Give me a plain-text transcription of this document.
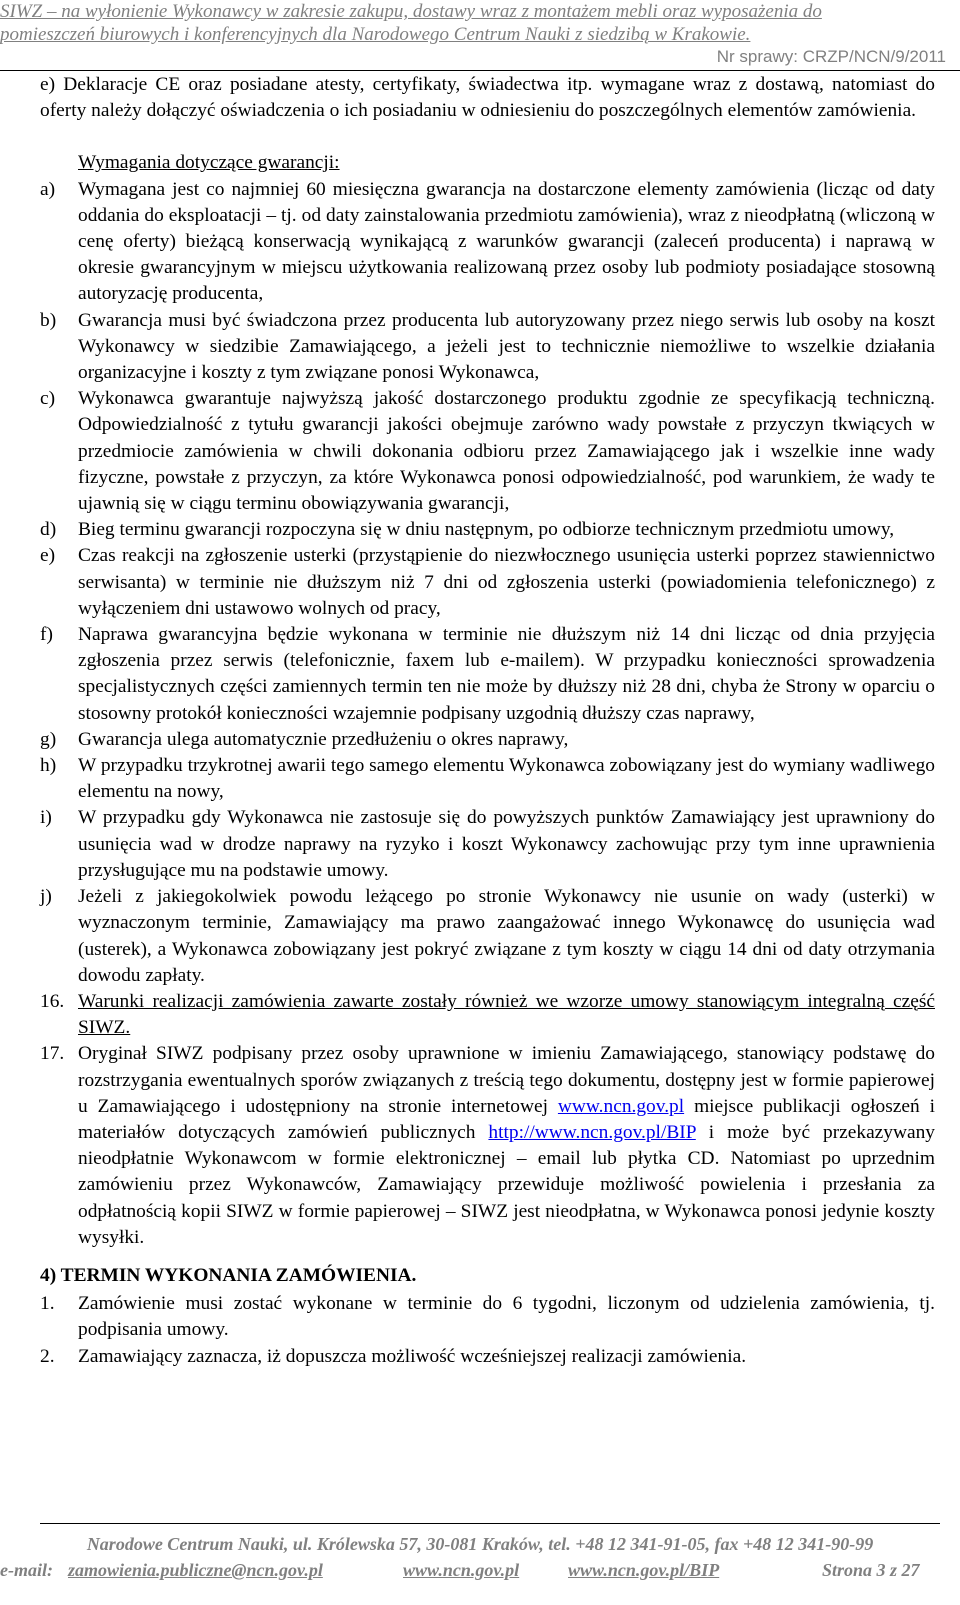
SIWZ – na wyłonienie Wykonawcy w zakresie zakupu, dostawy wraz z montażem mebli oraz wyposażenia do
pomieszczeń biurowych i konferencyjnych dla Narodowego Centrum Nauki z siedzibą w Krakowie.
Nr sprawy: CRZP/NCN/9/2011

e) Deklaracje CE oraz posiadane atesty, certyfikaty, świadectwa itp. wymagane wraz z dostawą, natomiast do oferty należy dołączyć oświadczenia o ich posiadaniu w odniesieniu do poszczególnych elementów zamówienia.

Wymagania dotyczące gwarancji:

a) Wymagana jest co najmniej 60 miesięczna gwarancja na dostarczone elementy zamówienia (licząc od daty oddania do eksploatacji – tj. od daty zainstalowania przedmiotu zamówienia), wraz z nieodpłatną (wliczoną w cenę oferty) bieżącą konserwacją wynikającą z warunków gwarancji (zaleceń producenta) i naprawą w okresie gwarancyjnym w miejscu użytkowania realizowaną przez osoby lub podmioty posiadające stosowną autoryzację producenta,
b) Gwarancja musi być świadczona przez producenta lub autoryzowany przez niego serwis lub osoby na koszt Wykonawcy w siedzibie Zamawiającego, a jeżeli jest to technicznie niemożliwe to wszelkie działania organizacyjne i koszty z tym związane ponosi Wykonawca,
c) Wykonawca gwarantuje najwyższą jakość dostarczonego produktu zgodnie ze specyfikacją techniczną. Odpowiedzialność z tytułu gwarancji jakości obejmuje zarówno wady powstałe z przyczyn tkwiących w przedmiocie zamówienia w chwili dokonania odbioru przez Zamawiającego jak i wszelkie inne wady fizyczne, powstałe z przyczyn, za które Wykonawca ponosi odpowiedzialność, pod warunkiem, że wady te ujawnią się w ciągu terminu obowiązywania gwarancji,
d) Bieg terminu gwarancji rozpoczyna się w dniu następnym, po odbiorze technicznym przedmiotu umowy,
e) Czas reakcji na zgłoszenie usterki (przystąpienie do niezwłocznego usunięcia usterki poprzez stawiennictwo serwisanta) w terminie nie dłuższym niż 7 dni od zgłoszenia usterki (powiadomienia telefonicznego) z wyłączeniem dni ustawowo wolnych od pracy,
f) Naprawa gwarancyjna będzie wykonana w terminie nie dłuższym niż 14 dni licząc od dnia przyjęcia zgłoszenia przez serwis (telefonicznie, faxem lub e-mailem). W przypadku konieczności sprowadzenia specjalistycznych części zamiennych termin ten nie może by dłuższy niż 28 dni, chyba że Strony w oparciu o stosowny protokół konieczności wzajemnie podpisany uzgodnią dłuższy czas naprawy,
g) Gwarancja ulega automatycznie przedłużeniu o okres naprawy,
h) W przypadku trzykrotnej awarii tego samego elementu Wykonawca zobowiązany jest do wymiany wadliwego elementu na nowy,
i) W przypadku gdy Wykonawca nie zastosuje się do powyższych punktów Zamawiający jest uprawniony do usunięcia wad w drodze naprawy na ryzyko i koszt Wykonawcy zachowując przy tym inne uprawnienia przysługujące mu na podstawie umowy.
j) Jeżeli z jakiegokolwiek powodu leżącego po stronie Wykonawcy nie usunie on wady (usterki) w wyznaczonym terminie, Zamawiający ma prawo zaangażować innego Wykonawcę do usunięcia wad (usterek), a Wykonawca zobowiązany jest pokryć związane z tym koszty w ciągu 14 dni od daty otrzymania dowodu zapłaty.
16. Warunki realizacji zamówienia zawarte zostały również we wzorze umowy stanowiącym integralną część SIWZ.
17. Oryginał SIWZ podpisany przez osoby uprawnione w imieniu Zamawiającego, stanowiący podstawę do rozstrzygania ewentualnych sporów związanych z treścią tego dokumentu, dostępny jest w formie papierowej u Zamawiającego i udostępniony na stronie internetowej www.ncn.gov.pl miejsce publikacji ogłoszeń i materiałów dotyczących zamówień publicznych http://www.ncn.gov.pl/BIP i może być przekazywany nieodpłatnie Wykonawcom w formie elektronicznej – email lub płytka CD. Natomiast po uprzednim zamówieniu przez Wykonawców, Zamawiający przewiduje możliwość powielenia i przesłania za odpłatnością kopii SIWZ w formie papierowej – SIWZ jest nieodpłatna, w Wykonawca ponosi jedynie koszty wysyłki.
4) TERMIN WYKONANIA ZAMÓWIENIA.
1. Zamówienie musi zostać wykonane w terminie do 6 tygodni, liczonym od udzielenia zamówienia, tj. podpisania umowy.
2. Zamawiający zaznacza, iż dopuszcza możliwość wcześniejszej realizacji zamówienia.
Narodowe Centrum Nauki, ul. Królewska 57, 30-081 Kraków, tel. +48 12 341-91-05, fax +48 12 341-90-99
e-mail: zamowienia.publiczne@ncn.gov.pl	www.ncn.gov.pl	www.ncn.gov.pl/BIP	Strona 3 z 27
